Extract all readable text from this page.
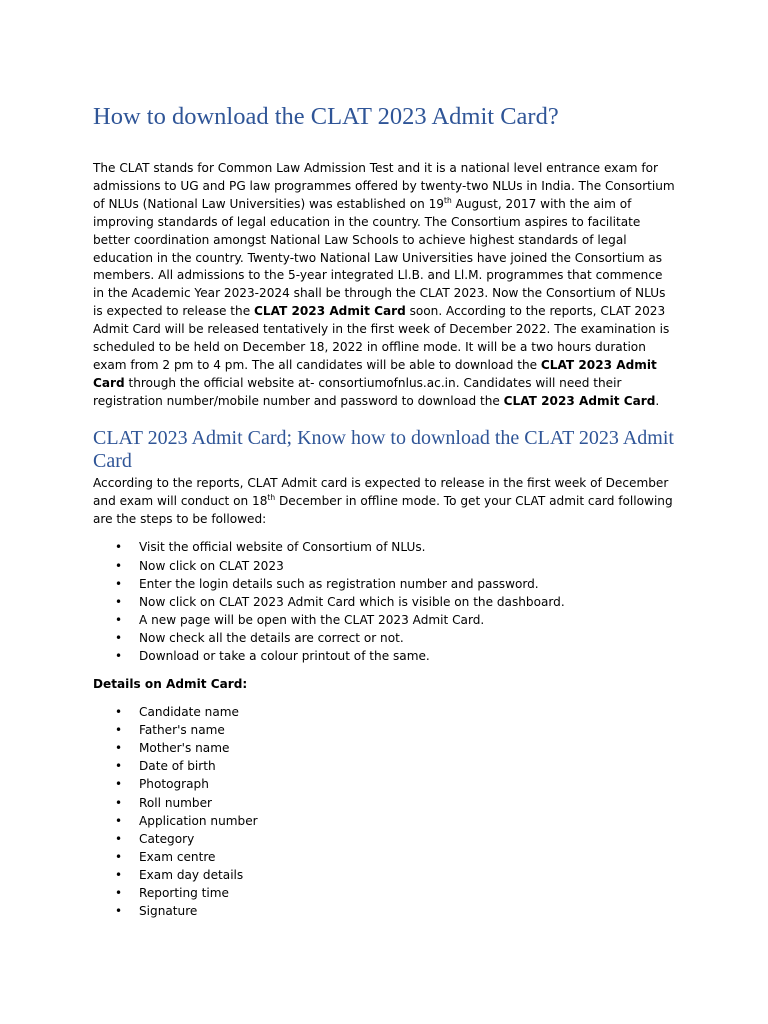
How to download the CLAT 2023 Admit Card?

The CLAT stands for Common Law Admission Test and it is a national level entrance exam for admissions to UG and PG law programmes offered by twenty-two NLUs in India. The Consortium of NLUs (National Law Universities) was established on 19th August, 2017 with the aim of improving standards of legal education in the country. The Consortium aspires to facilitate better coordination amongst National Law Schools to achieve highest standards of legal education in the country. Twenty-two National Law Universities have joined the Consortium as members. All admissions to the 5-year integrated Ll.B. and Ll.M. programmes that commence in the Academic Year 2023-2024 shall be through the CLAT 2023. Now the Consortium of NLUs is expected to release the CLAT 2023 Admit Card soon. According to the reports, CLAT 2023 Admit Card will be released tentatively in the first week of December 2022. The examination is scheduled to be held on December 18, 2022 in offline mode. It will be a two hours duration exam from 2 pm to 4 pm. The all candidates will be able to download the CLAT 2023 Admit Card through the official website at- consortiumofnlus.ac.in. Candidates will need their registration number/mobile number and password to download the CLAT 2023 Admit Card.

CLAT 2023 Admit Card; Know how to download the CLAT 2023 Admit Card

According to the reports, CLAT Admit card is expected to release in the first week of December and exam will conduct on 18th December in offline mode. To get your CLAT admit card following are the steps to be followed:

• Visit the official website of Consortium of NLUs.
• Now click on CLAT 2023
• Enter the login details such as registration number and password.
• Now click on CLAT 2023 Admit Card which is visible on the dashboard.
• A new page will be open with the CLAT 2023 Admit Card.
• Now check all the details are correct or not.
• Download or take a colour printout of the same.

Details on Admit Card:

• Candidate name
• Father's name
• Mother's name
• Date of birth
• Photograph
• Roll number
• Application number
• Category
• Exam centre
• Exam day details
• Reporting time
• Signature
